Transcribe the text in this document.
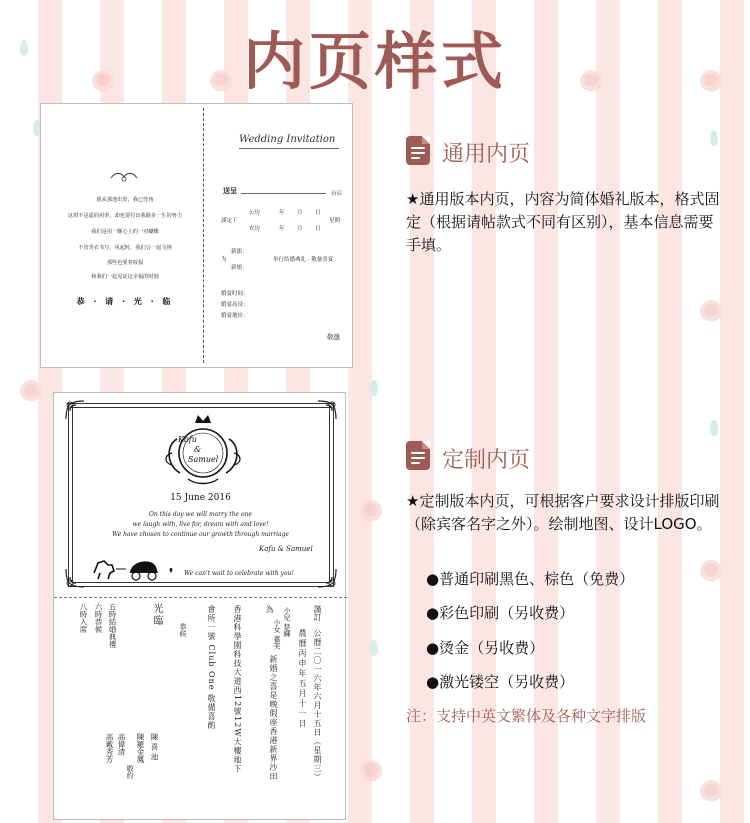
内页样式
愿从那池出发，我已莞角
这琪不是遥的用率，却也要付出我路步一生的努力
我们是用一颗心上的一对蝴蝶
不管青衣书写，风起时，我们会一起飞翔
那些也要着权福
和我们一起见证这幸福的时刻
恭 · 请 · 光 · 临
Wedding Invitation
送呈	台启
公历
謹定于
农历
年 月 日
年 月 日
星期
新郎：
为
新娘：
举行结婚典礼 · 敬备喜宴
婚宴时间：
婚宴高设：
婚宴地址：
敬邀
Kafu
&
Samuel
15 June 2016
On this day we will marry the one
we laugh with, live for, dream with and love!
We have chosen to continue our growth through marriage
Kafu & Samuel
We can't wait to celebrate with you!
謹訂
公曆二〇一六年六月十五日（星期三）
農曆丙申年五月十一日
為 小兒 楚輝
小女 嘉芙
新婚之喜是晚假座香港新界沙田
香港科學園科技大道西12號12W大樓地下
會所一號 Club One 敬備喜酌
恭候
光臨
五時結婚典禮
六時恭候
八時入席
陳 喜 池
陳羅金鳳
敬約
高偉清
高戴秀芳
通用内页
★通用版本内页，内容为简体婚礼版本，格式固定（根据请帖款式不同有区别），基本信息需要手填。
定制内页
★定制版本内页，可根据客户要求设计排版印刷（除宾客名字之外）。绘制地图、设计LOGO。
●普通印刷黑色、棕色（免费）
●彩色印刷（另收费）
●烫金（另收费）
●激光镂空（另收费）
注：支持中英文繁体及各种文字排版
